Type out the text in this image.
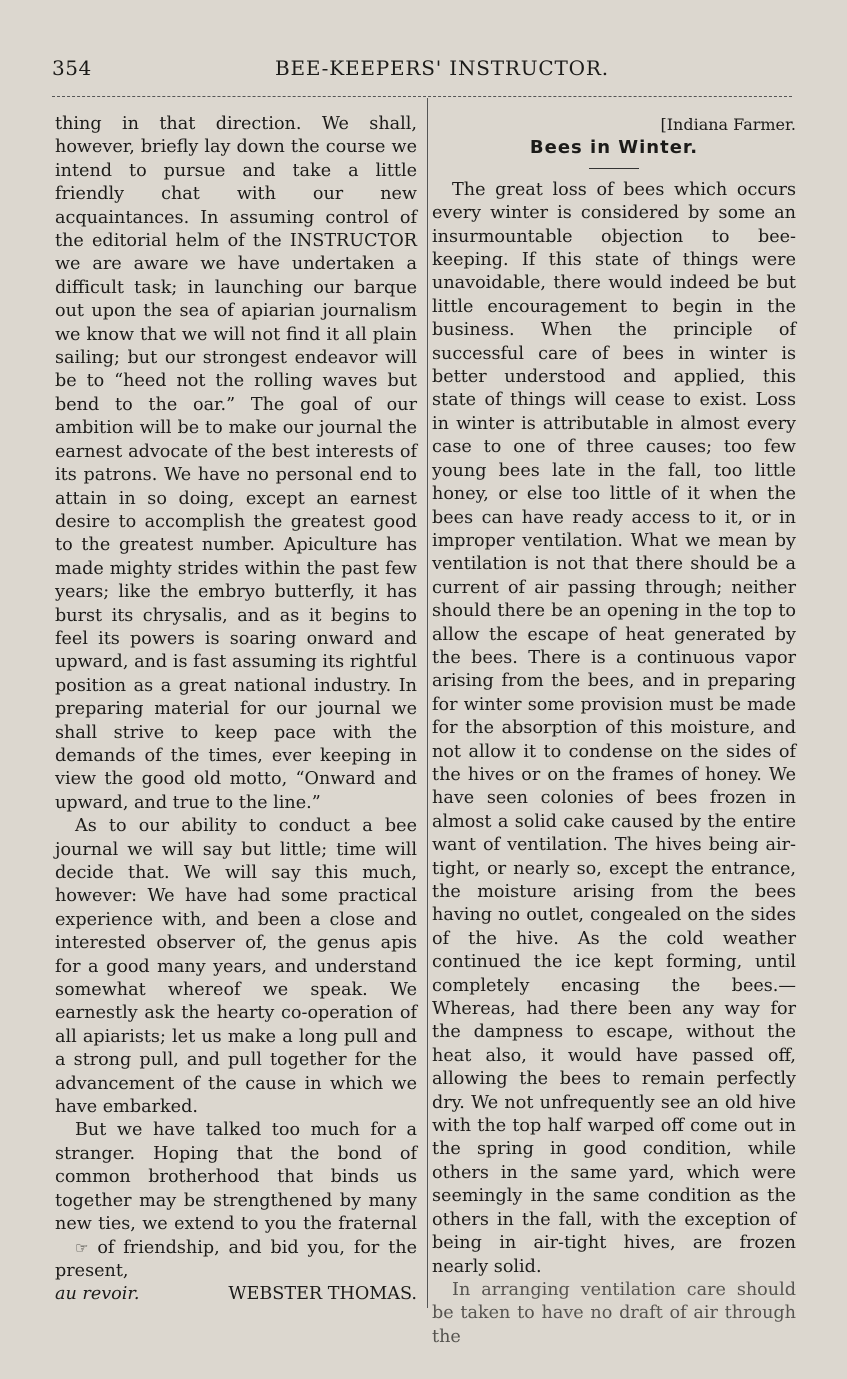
354	BEE-KEEPERS' INSTRUCTOR.

thing in that direction. We shall, however, briefly lay down the course we intend to pursue and take a little friendly chat with our new acquaintances. In assuming control of the editorial helm of the INSTRUCTOR we are aware we have undertaken a difficult task; in launching our barque out upon the sea of apiarian journalism we know that we will not find it all plain sailing; but our strongest endeavor will be to “heed not the rolling waves but bend to the oar.” The goal of our ambition will be to make our journal the earnest advocate of the best interests of its patrons. We have no personal end to attain in so doing, except an earnest desire to accomplish the greatest good to the greatest number. Apiculture has made mighty strides within the past few years; like the embryo butterfly, it has burst its chrysalis, and as it begins to feel its powers is soaring onward and upward, and is fast assuming its rightful position as a great national industry. In preparing material for our journal we shall strive to keep pace with the demands of the times, ever keeping in view the good old motto, “Onward and upward, and true to the line.”

As to our ability to conduct a bee journal we will say but little; time will decide that. We will say this much, however: We have had some practical experience with, and been a close and interested observer of, the genus apis for a good many years, and understand somewhat whereof we speak. We earnestly ask the hearty co-operation of all apiarists; let us make a long pull and a strong pull, and pull together for the advancement of the cause in which we have embarked.

But we have talked too much for a stranger. Hoping that the bond of common brotherhood that binds us together may be strengthened by many new ties, we extend to you the fraternal ☞ of friendship, and bid you, for the present,

au revoir.	WEBSTER THOMAS.

[Indiana Farmer.

Bees in Winter.

The great loss of bees which occurs every winter is considered by some an insurmountable objection to bee-keeping. If this state of things were unavoidable, there would indeed be but little encouragement to begin in the business. When the principle of successful care of bees in winter is better understood and applied, this state of things will cease to exist. Loss in winter is attributable in almost every case to one of three causes; too few young bees late in the fall, too little honey, or else too little of it when the bees can have ready access to it, or in improper ventilation. What we mean by ventilation is not that there should be a current of air passing through; neither should there be an opening in the top to allow the escape of heat generated by the bees. There is a continuous vapor arising from the bees, and in preparing for winter some provision must be made for the absorption of this moisture, and not allow it to condense on the sides of the hives or on the frames of honey. We have seen colonies of bees frozen in almost a solid cake caused by the entire want of ventilation. The hives being air-tight, or nearly so, except the entrance, the moisture arising from the bees having no outlet, congealed on the sides of the hive. As the cold weather continued the ice kept forming, until completely encasing the bees.—Whereas, had there been any way for the dampness to escape, without the heat also, it would have passed off, allowing the bees to remain perfectly dry. We not unfrequently see an old hive with the top half warped off come out in the spring in good condition, while others in the same yard, which were seemingly in the same condition as the others in the fall, with the exception of being in air-tight hives, are frozen nearly solid.

In arranging ventilation care should be taken to have no draft of air through the
